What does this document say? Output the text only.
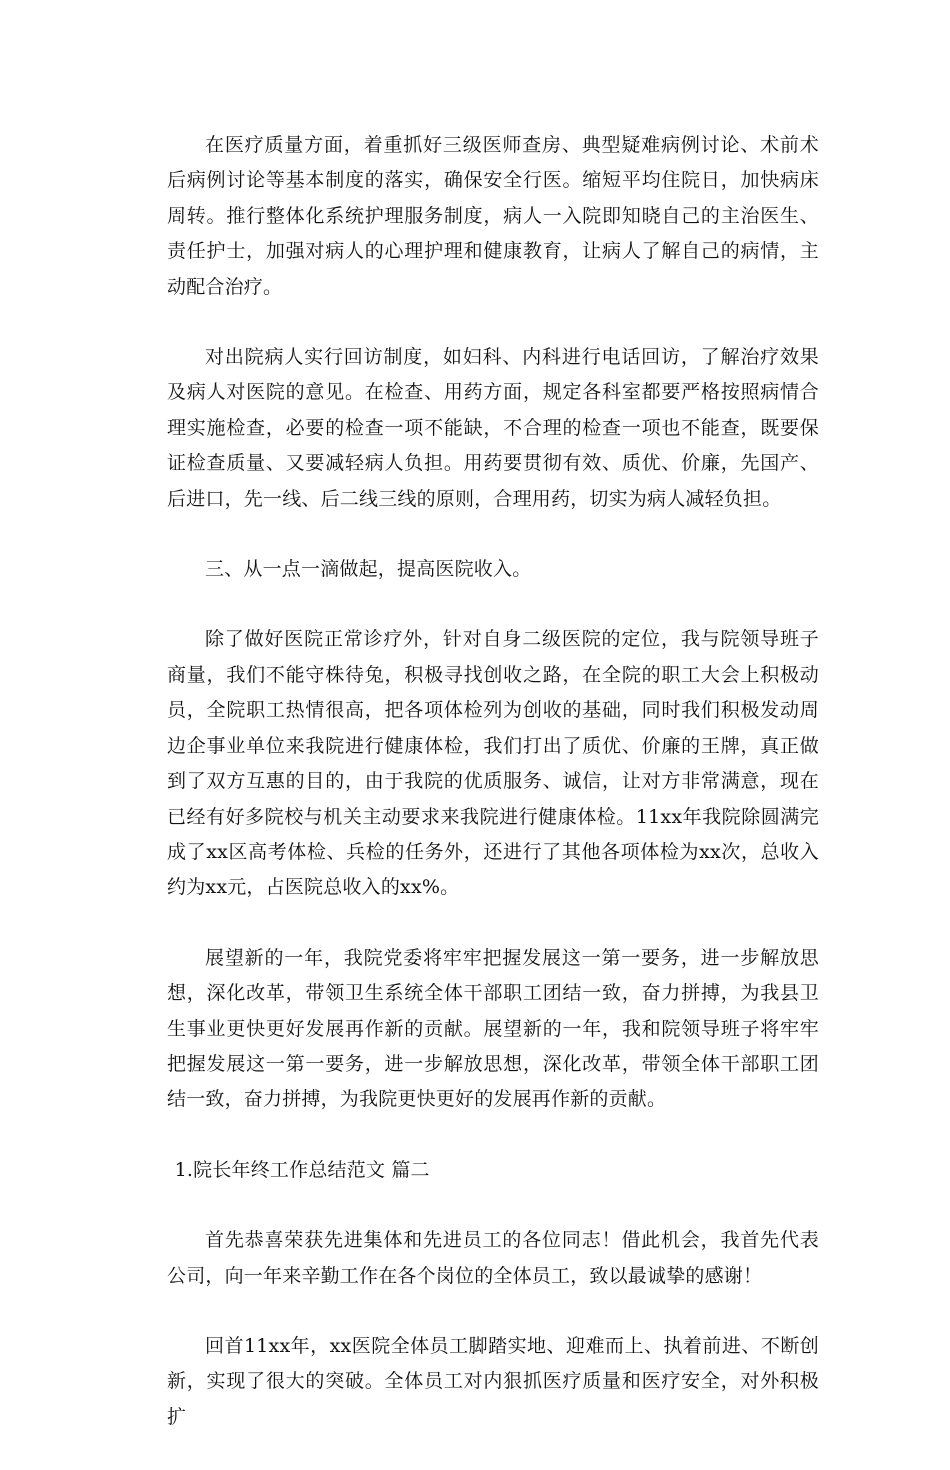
在医疗质量方面，着重抓好三级医师查房、典型疑难病例讨论、术前术后病例讨论等基本制度的落实，确保安全行医。缩短平均住院日，加快病床周转。推行整体化系统护理服务制度，病人一入院即知晓自己的主治医生、责任护士，加强对病人的心理护理和健康教育，让病人了解自己的病情，主动配合治疗。

对出院病人实行回访制度，如妇科、内科进行电话回访，了解治疗效果及病人对医院的意见。在检查、用药方面，规定各科室都要严格按照病情合理实施检查，必要的检查一项不能缺，不合理的检查一项也不能查，既要保证检查质量、又要减轻病人负担。用药要贯彻有效、质优、价廉，先国产、后进口，先一线、后二线三线的原则，合理用药，切实为病人减轻负担。

三、从一点一滴做起，提高医院收入。

除了做好医院正常诊疗外，针对自身二级医院的定位，我与院领导班子商量，我们不能守株待兔，积极寻找创收之路，在全院的职工大会上积极动员，全院职工热情很高，把各项体检列为创收的基础，同时我们积极发动周边企事业单位来我院进行健康体检，我们打出了质优、价廉的王牌，真正做到了双方互惠的目的，由于我院的优质服务、诚信，让对方非常满意，现在已经有好多院校与机关主动要求来我院进行健康体检。11xx年我院除圆满完成了xx区高考体检、兵检的任务外，还进行了其他各项体检为xx次，总收入约为xx元，占医院总收入的xx%。

展望新的一年，我院党委将牢牢把握发展这一第一要务，进一步解放思想，深化改革，带领卫生系统全体干部职工团结一致，奋力拼搏，为我县卫生事业更快更好发展再作新的贡献。展望新的一年，我和院领导班子将牢牢把握发展这一第一要务，进一步解放思想，深化改革，带领全体干部职工团结一致，奋力拼搏，为我院更快更好的发展再作新的贡献。

1.院长年终工作总结范文 篇二

首先恭喜荣获先进集体和先进员工的各位同志！借此机会，我首先代表公司，向一年来辛勤工作在各个岗位的全体员工，致以最诚挚的感谢！

回首11xx年，xx医院全体员工脚踏实地、迎难而上、执着前进、不断创新，实现了很大的突破。全体员工对内狠抓医疗质量和医疗安全，对外积极扩
